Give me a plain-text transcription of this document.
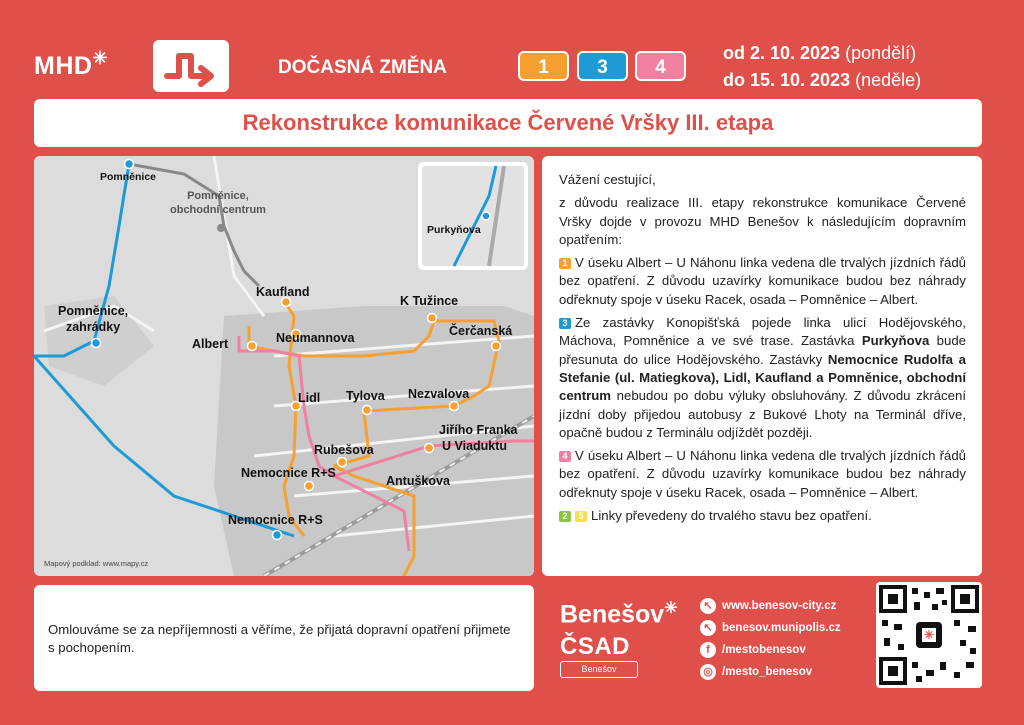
MHD✳	DOČASNÁ ZMĚNA	1	3	4
od 2. 10. 2023 (pondělí)
do 15. 10. 2023 (neděle)
Rekonstrukce komunikace Červené Vršky III. etapa
Pomněnice
Pomněnice,
obchodní centrum
Kaufland
K Tužince
Pomněnice,
zahrádky	Čerčanská
Neumannova
Albert
Lidl Tylova Nezvalova
Jiřího Franka
U Viaduktu
Rubešova
Nemocnice R+S
Antuškova
Nemocnice R+S
Purkyňova
Mapový podklad: www.mapy.cz

Vážení cestující,

z důvodu realizace III. etapy rekonstrukce komunikace Červené Vršky dojde v provozu MHD Benešov k následujícím dopravním opatřením:

1 V úseku Albert – U Náhonu linka vedena dle trvalých jízdních řádů bez opatření. Z důvodu uzavírky komunikace budou bez náhrady odřeknuty spoje v úseku Racek, osada – Pomněnice – Albert.

3 Ze zastávky Konopišťská pojede linka ulicí Hodějovského, Máchova, Pomněnice a ve své trase. Zastávka Purkyňova bude přesunuta do ulice Hodějovského. Zastávky Nemocnice Rudolfa a Stefanie (ul. Matiegkova), Lidl, Kaufland a Pomněnice, obchodní centrum nebudou po dobu výluky obsluhovány. Z důvodu zkrácení jízdní doby přijedou autobusy z Bukové Lhoty na Terminál dříve, opačně budou z Terminálu odjíždět později.

4 V úseku Albert – U Náhonu linka vedena dle trvalých jízdních řádů bez opatření. Z důvodu uzavírky komunikace budou bez náhrady odřeknuty spoje v úseku Racek, osada – Pomněnice – Albert.

2 5 Linky převedeny do trvalého stavu bez opatření.

Omlouváme se za nepříjemnosti a věříme, že přijatá dopravní opatření přijmete s pochopením.
Benešov✳
ČSAD
Benešov
↖ www.benesov-city.cz
↖ benesov.munipolis.cz
f /mestobenesov
◎ /mesto_benesov
✳
